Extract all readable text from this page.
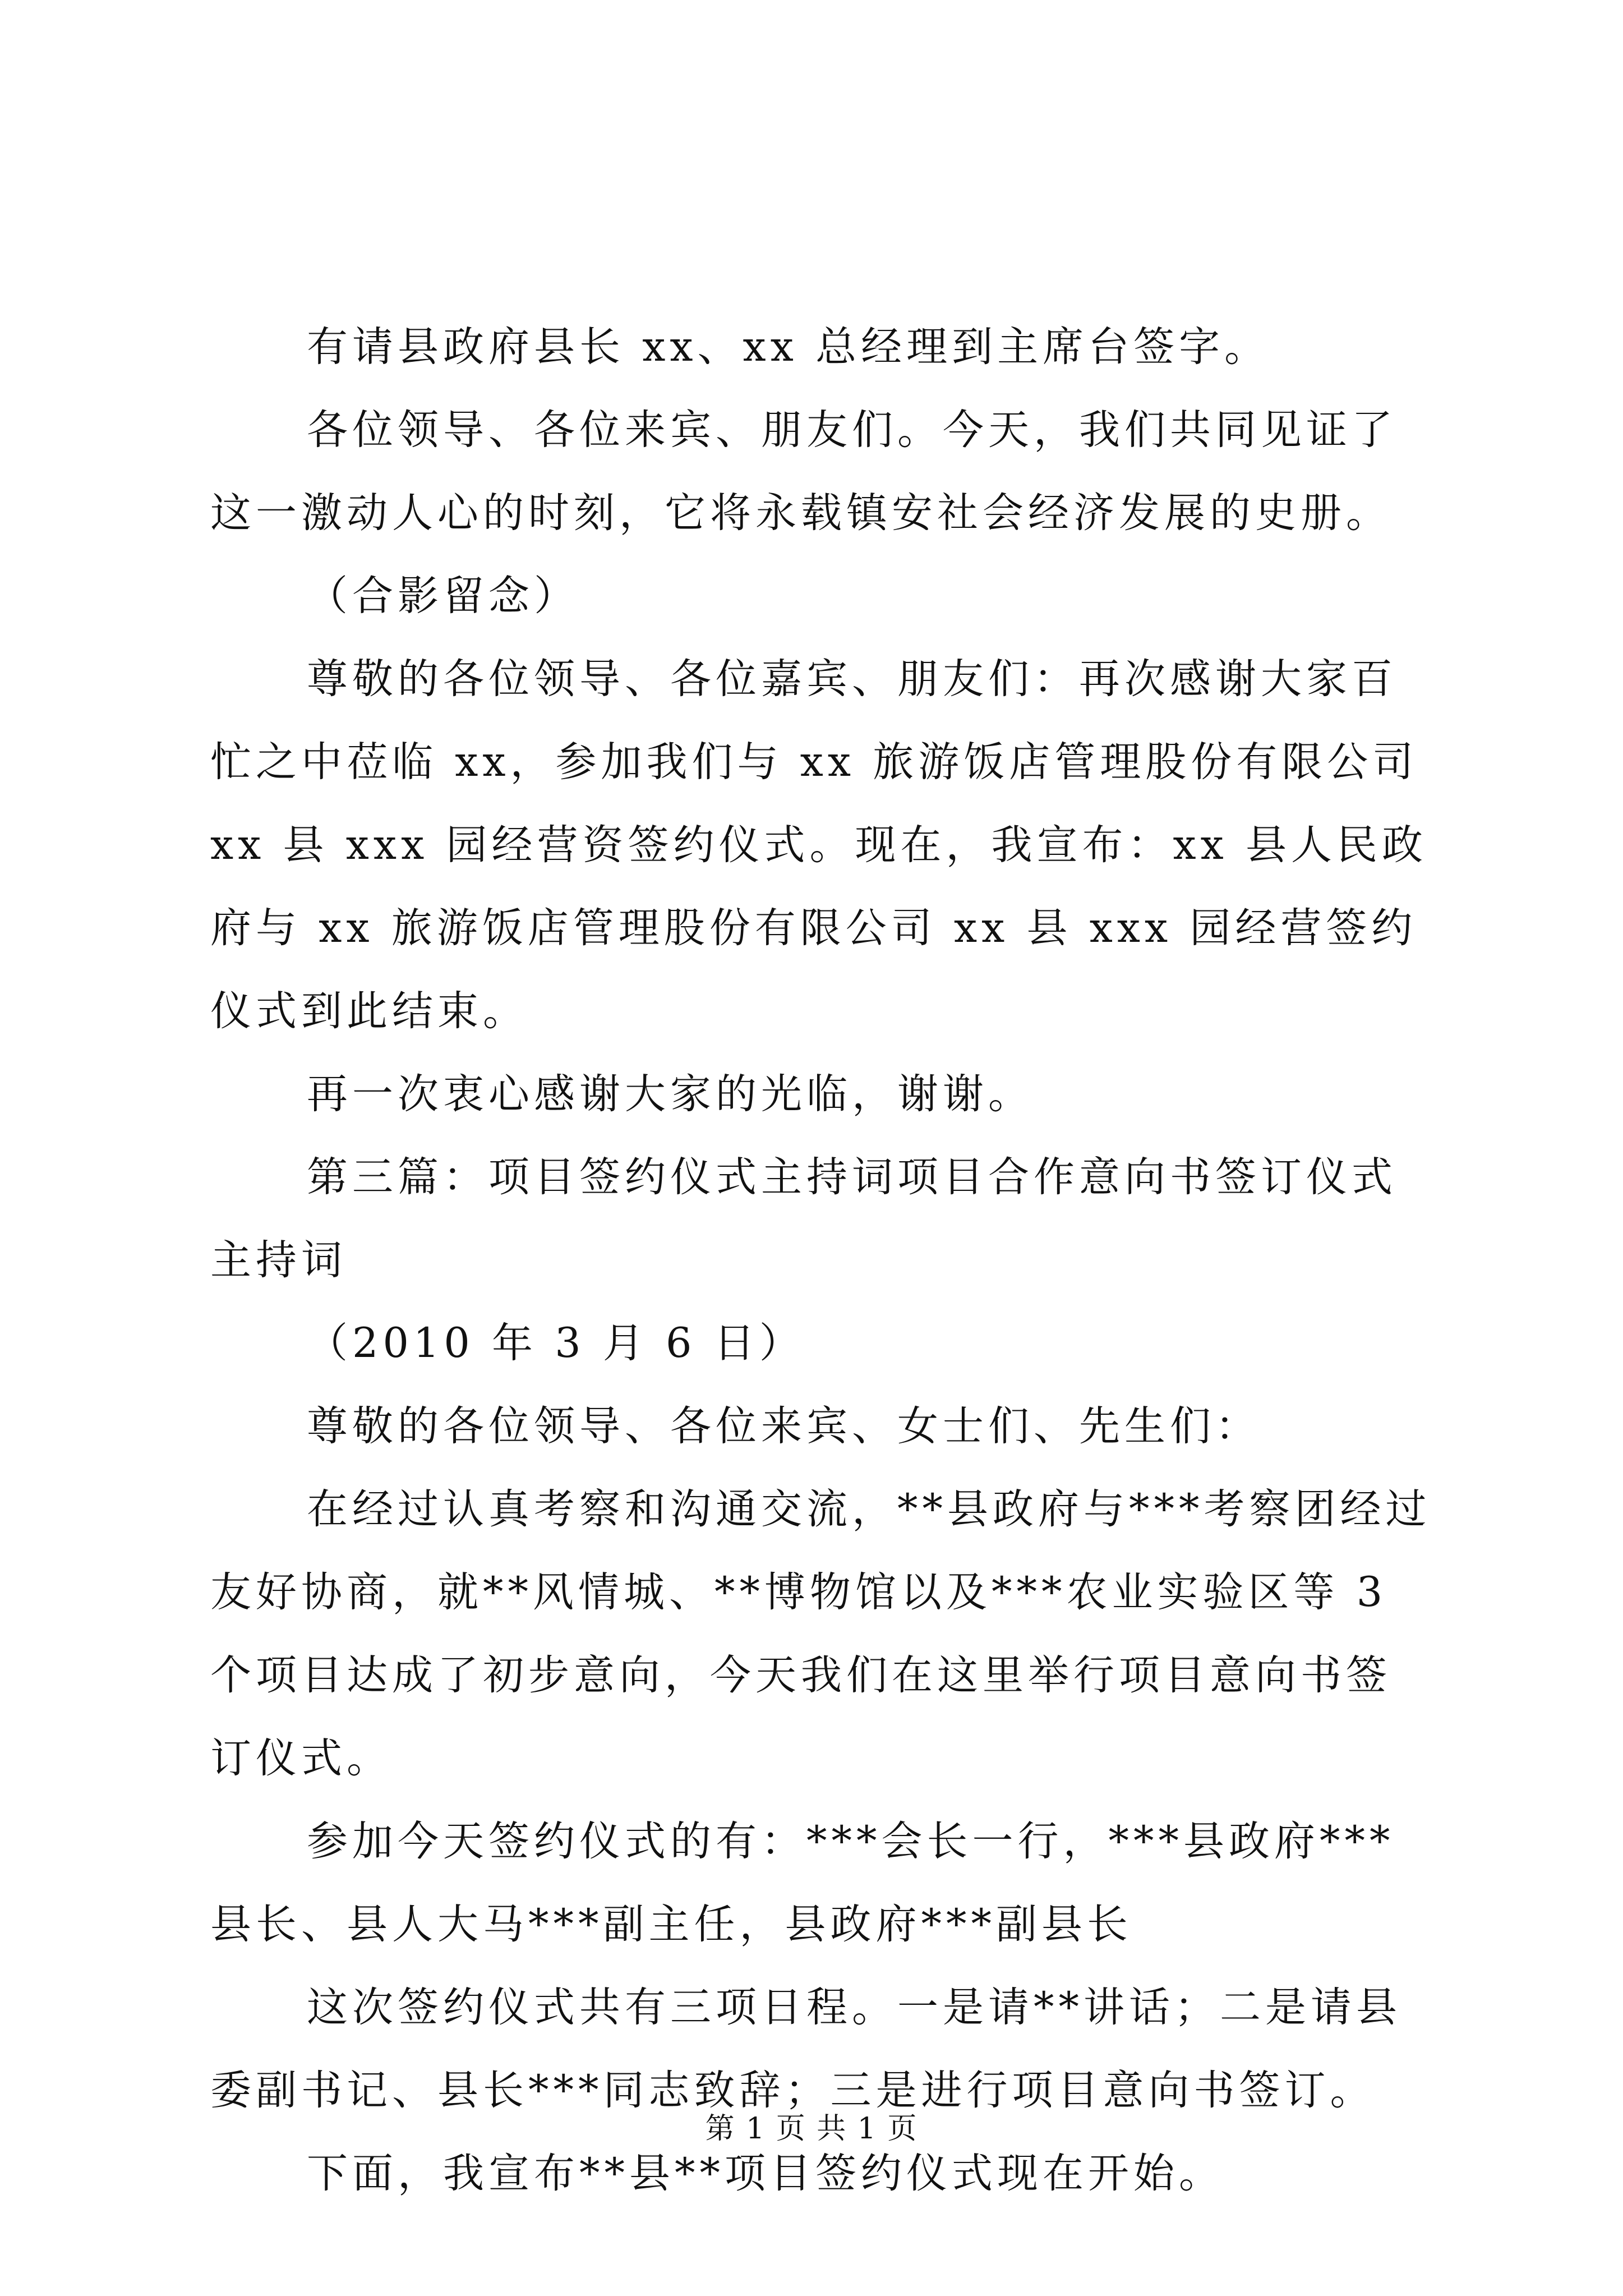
有请县政府县长 xx、xx 总经理到主席台签字。

各位领导、各位来宾、朋友们。今天，我们共同见证了这一激动人心的时刻，它将永载镇安社会经济发展的史册。

（合影留念）

尊敬的各位领导、各位嘉宾、朋友们：再次感谢大家百忙之中莅临 xx，参加我们与 xx 旅游饭店管理股份有限公司 xx 县 xxx 园经营资签约仪式。现在，我宣布：xx 县人民政府与 xx 旅游饭店管理股份有限公司 xx 县 xxx 园经营签约仪式到此结束。

再一次衷心感谢大家的光临，谢谢。

第三篇：项目签约仪式主持词项目合作意向书签订仪式主持词

（2010 年 3 月 6 日）

尊敬的各位领导、各位来宾、女士们、先生们：

在经过认真考察和沟通交流，**县政府与***考察团经过友好协商，就**风情城、**博物馆以及***农业实验区等 3 个项目达成了初步意向，今天我们在这里举行项目意向书签订仪式。

参加今天签约仪式的有：***会长一行，***县政府***县长、县人大马***副主任，县政府***副县长

这次签约仪式共有三项日程。一是请**讲话；二是请县委副书记、县长***同志致辞；三是进行项目意向书签订。

下面，我宣布**县**项目签约仪式现在开始。

第 1 页 共 1 页
